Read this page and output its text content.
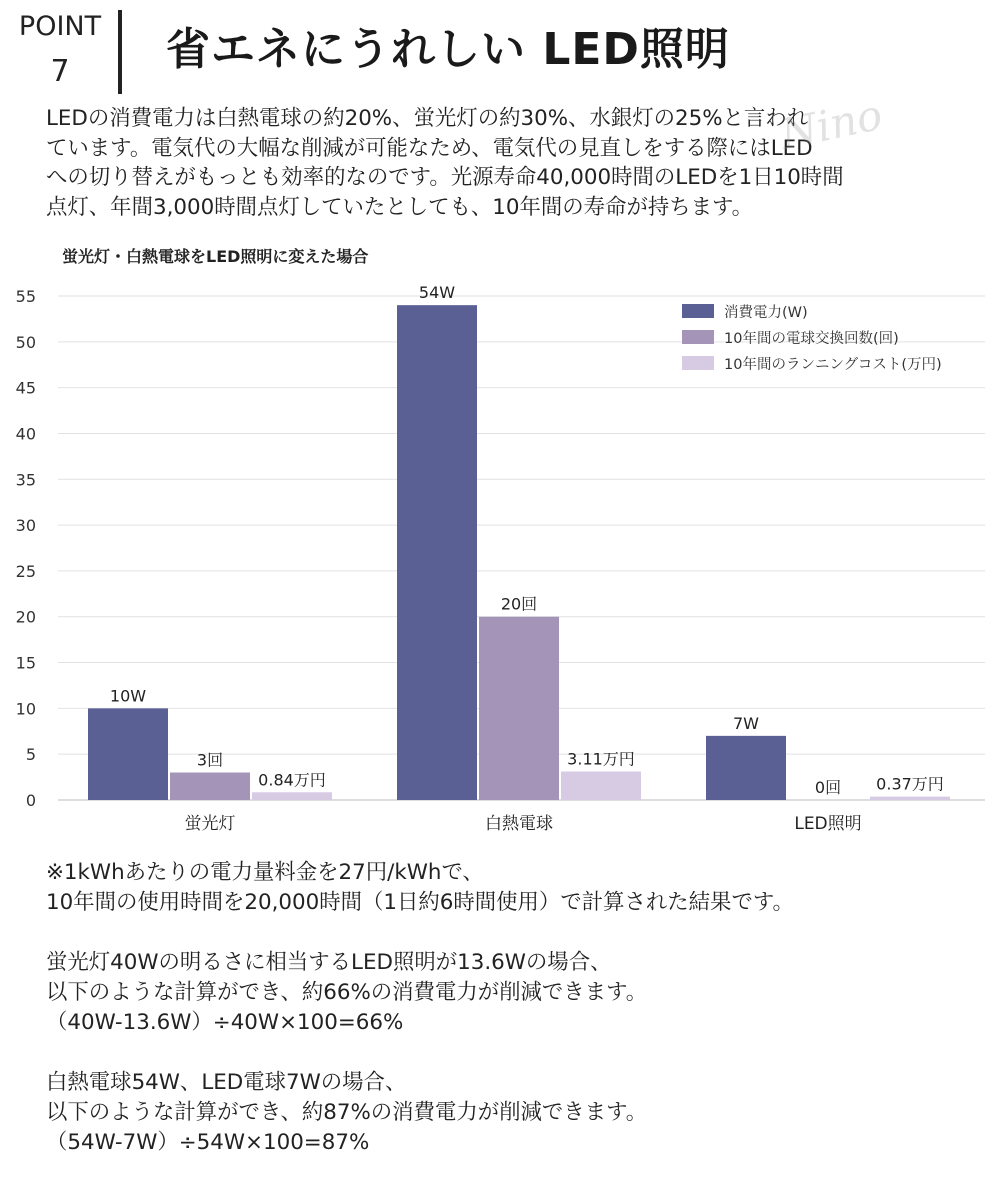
POINT
7	省エネにうれしい LED照明

LEDの消費電力は白熱電球の約20%、蛍光灯の約30%、水銀灯の25%と言われ

ています。電気代の大幅な削減が可能なため、電気代の見直しをする際にはLED

への切り替えがもっとも効率的なのです。光源寿命40,000時間のLEDを1日10時間

点灯、年間3,000時間点灯していたとしても、10年間の寿命が持ちます。

Nino
蛍光灯・白熱電球をLED照明に変えた場合
0
5
10
15
20
25
30
35
40
45
50
55
10W
3回
0.84万円
蛍光灯
54W
20回
3.11万円
白熱電球
7W
0回 0.37万円
LED照明
消費電力(W)
10年間の電球交換回数(回)
10年間のランニングコスト(万円)

※1kWhあたりの電力量料金を27円/kWhで、

10年間の使用時間を20,000時間（1日約6時間使用）で計算された結果です。

蛍光灯40Wの明るさに相当するLED照明が13.6Wの場合、

以下のような計算ができ、約66%の消費電力が削減できます。

（40W-13.6W）÷40W×100=66%

白熱電球54W、LED電球7Wの場合、

以下のような計算ができ、約87%の消費電力が削減できます。

（54W-7W）÷54W×100=87%
